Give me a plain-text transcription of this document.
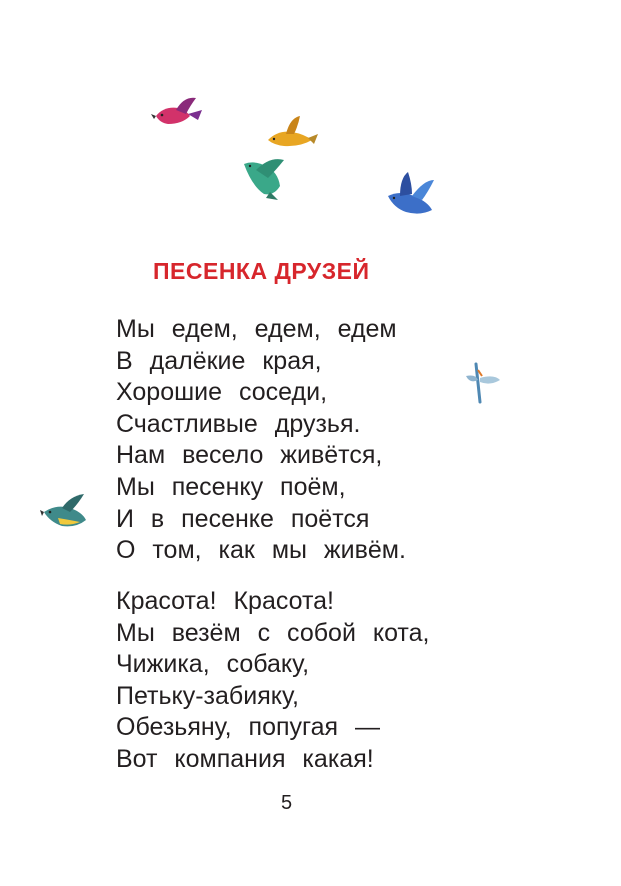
ПЕСЕНКА ДРУЗЕЙ
Мы едем, едем, едем
В далёкие края,
Хорошие соседи,
Счастливые друзья.
Нам весело живётся,
Мы песенку поём,
И в песенке поётся
О том, как мы живём.
Красота! Красота!
Мы везём с собой кота,
Чижика, собаку,
Петьку-забияку,
Обезьяну, попугая —
Вот компания какая!
5
